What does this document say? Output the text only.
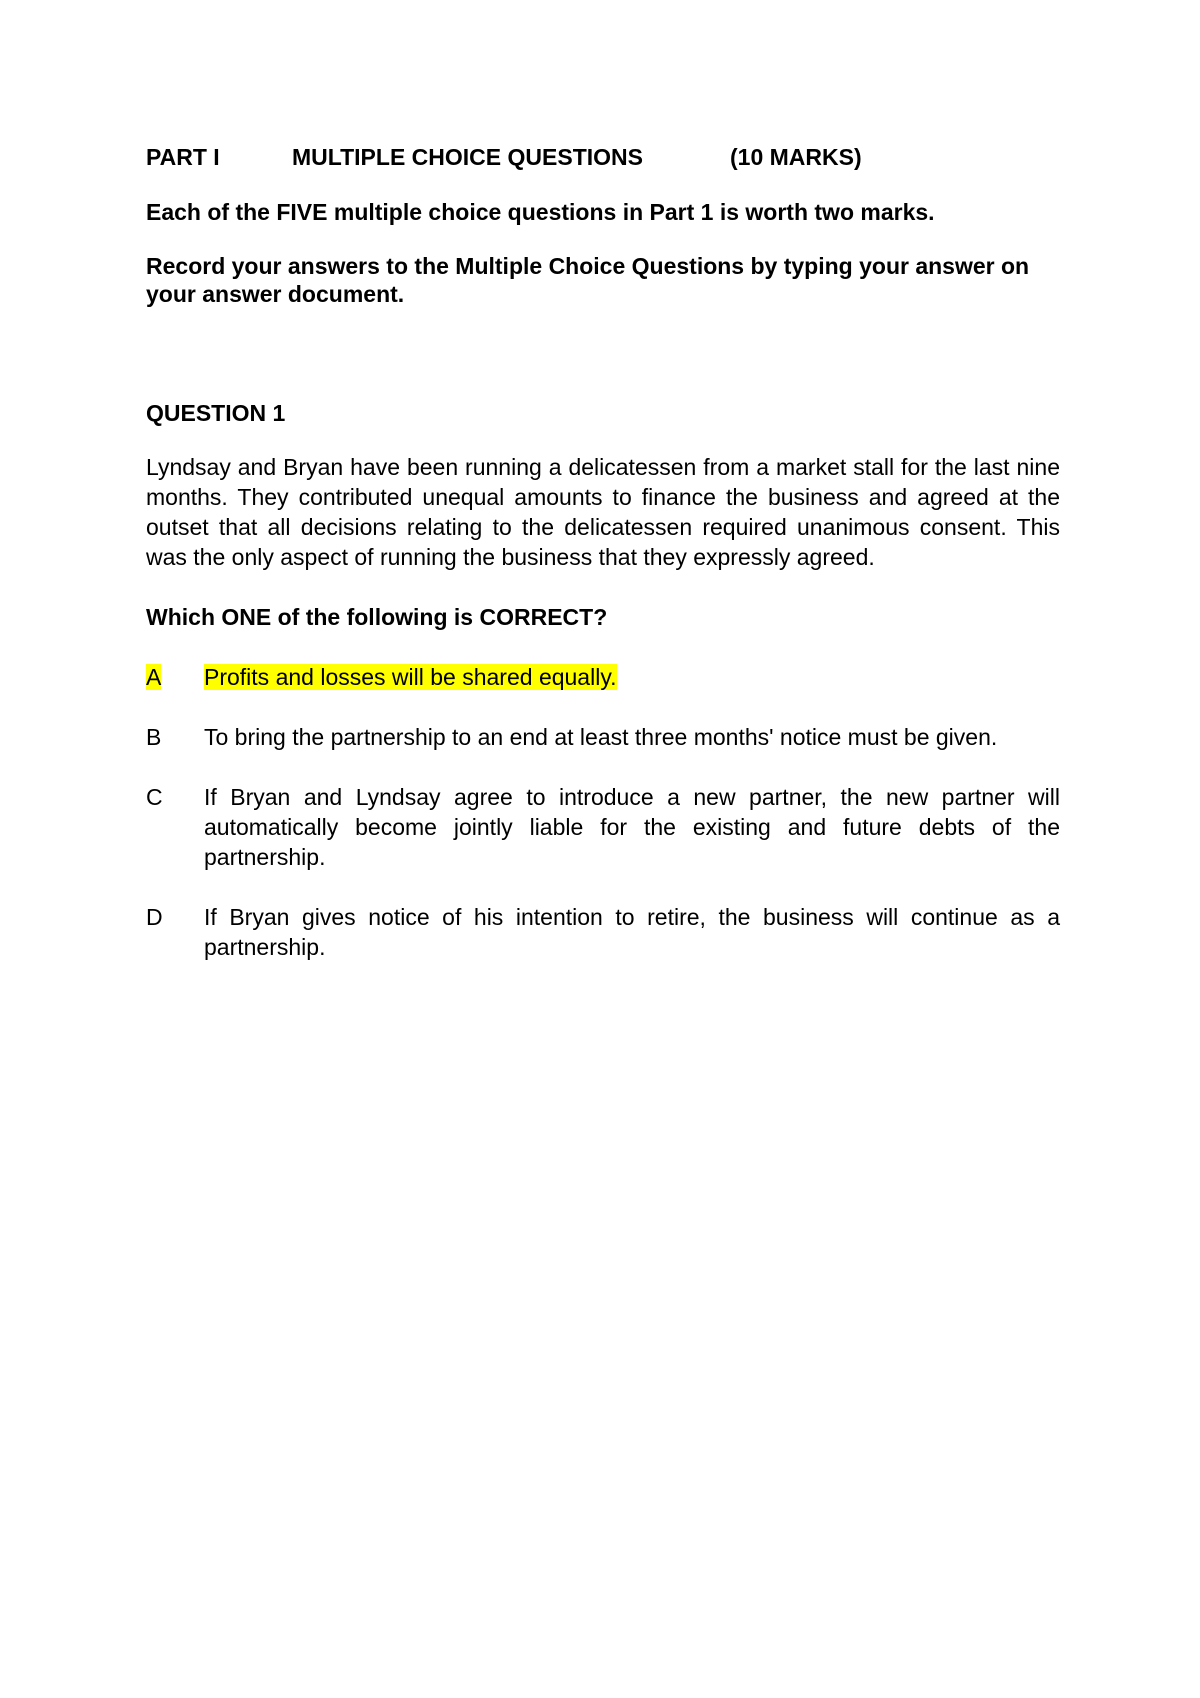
PART I	MULTIPLE CHOICE QUESTIONS	(10 MARKS)

Each of the FIVE multiple choice questions in Part 1 is worth two marks.

Record your answers to the Multiple Choice Questions by typing your answer on your answer document.

QUESTION 1
Lyndsay and Bryan have been running a delicatessen from a market stall for the last nine months. They contributed unequal amounts to finance the business and agreed at the outset that all decisions relating to the delicatessen required unanimous consent. This was the only aspect of running the business that they expressly agreed.
Which ONE of the following is CORRECT?
A	Profits and losses will be shared equally.
B	To bring the partnership to an end at least three months' notice must be given.
C	If Bryan and Lyndsay agree to introduce a new partner, the new partner will automatically become jointly liable for the existing and future debts of the partnership.
D	If Bryan gives notice of his intention to retire, the business will continue as a partnership.
